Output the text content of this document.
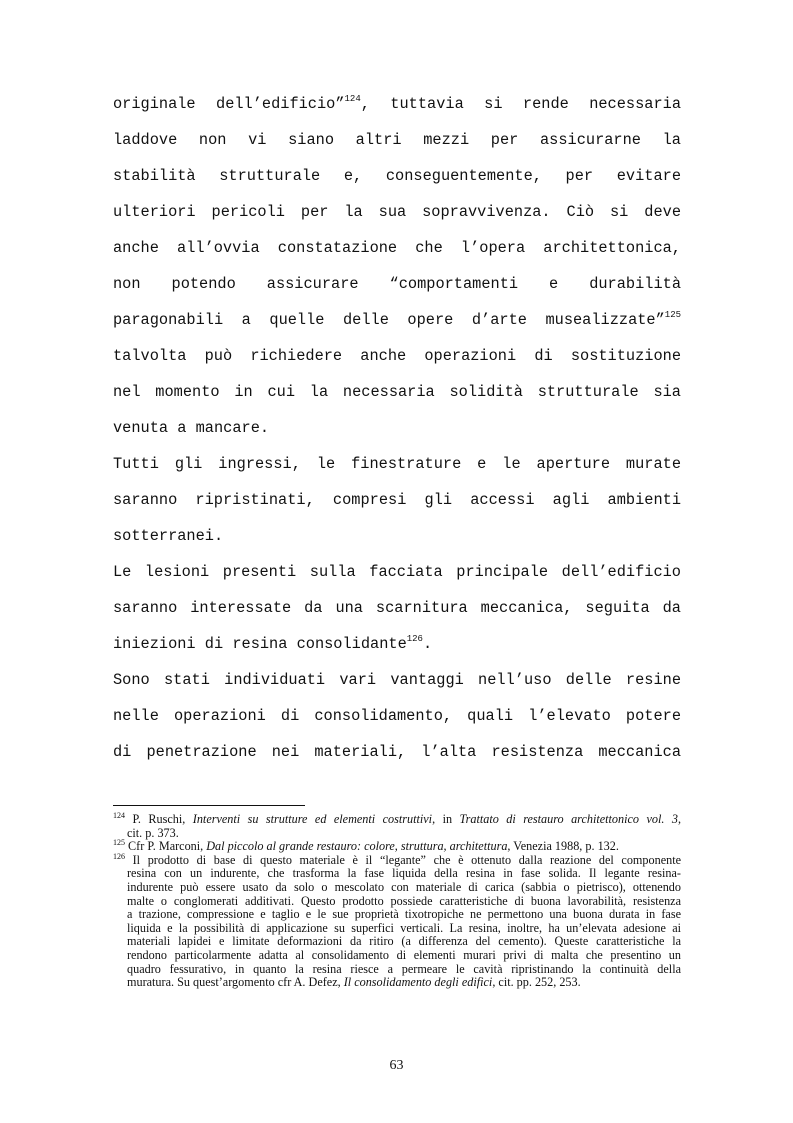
originale dell’edificio”$^{124}$, tuttavia si rende necessaria
laddove non vi siano altri mezzi per assicurarne la
stabilità strutturale e, conseguentemente, per evitare
ulteriori pericoli per la sua sopravvivenza. Ciò si deve
anche all’ovvia constatazione che l’opera architettonica,
non potendo assicurare “comportamenti e durabilità
paragonabili a quelle delle opere d’arte musealizzate”$^{125}$
talvolta può richiedere anche operazioni di sostituzione
nel momento in cui la necessaria solidità strutturale sia
venuta a mancare.
Tutti gli ingressi, le finestrature e le aperture murate
saranno ripristinati, compresi gli accessi agli ambienti
sotterranei.
Le lesioni presenti sulla facciata principale dell’edificio
saranno interessate da una scarnitura meccanica, seguita da
iniezioni di resina consolidante$^{126}$.
Sono stati individuati vari vantaggi nell’uso delle resine
nelle operazioni di consolidamento, quali l’elevato potere
di penetrazione nei materiali, l’alta resistenza meccanica
$^{124}$ P. Ruschi, Interventi su strutture ed elementi costruttivi, in Trattato di restauro architettonico vol. 3,
cit. p. 373.
$^{125}$ Cfr P. Marconi, Dal piccolo al grande restauro: colore, struttura, architettura, Venezia 1988, p. 132.
$^{126}$ Il prodotto di base di questo materiale è il “legante” che è ottenuto dalla reazione del componente
resina con un indurente, che trasforma la fase liquida della resina in fase solida. Il legante resina-
indurente può essere usato da solo o mescolato con materiale di carica (sabbia o pietrisco), ottenendo
malte o conglomerati additivati. Questo prodotto possiede caratteristiche di buona lavorabilità, resistenza
a trazione, compressione e taglio e le sue proprietà tixotropiche ne permettono una buona durata in fase
liquida e la possibilità di applicazione su superfici verticali. La resina, inoltre, ha un’elevata adesione ai
materiali lapidei e limitate deformazioni da ritiro (a differenza del cemento). Queste caratteristiche la
rendono particolarmente adatta al consolidamento di elementi murari privi di malta che presentino un
quadro fessurativo, in quanto la resina riesce a permeare le cavità ripristinando la continuità della
muratura. Su quest’argomento cfr A. Defez, Il consolidamento degli edifici, cit. pp. 252, 253.
63
